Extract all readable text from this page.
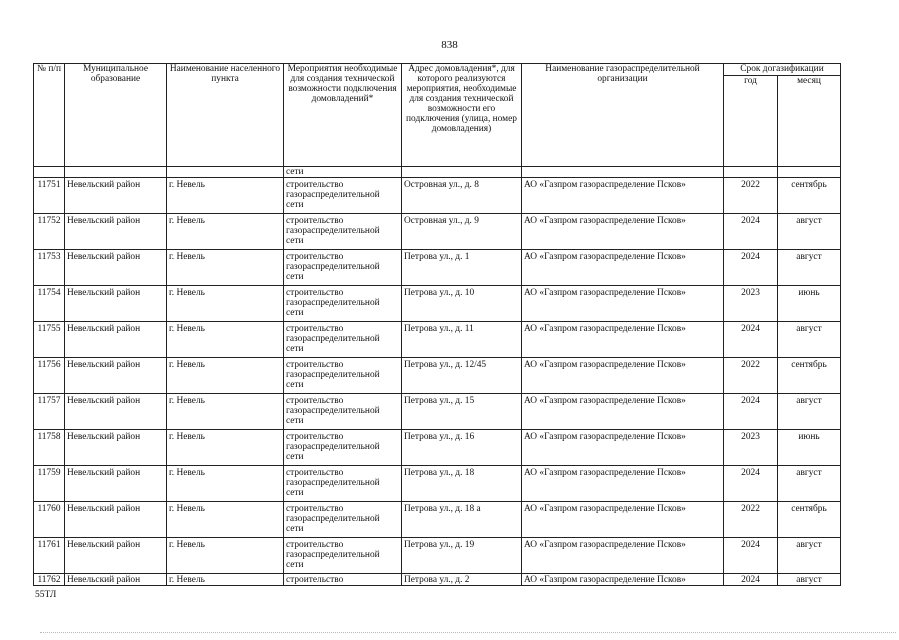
838
№ п/п	Муниципальное образование	Наименование населенного пункта	Мероприятия необходимые для создания технической возможности подключения домовладений*	Адрес домовладения*, для которого реализуются мероприятия, необходимые для создания технической возможности его подключения (улица, номер домовладения)	Наименование газораспределительной организации	Срок догазификации	
						год	месяц
			сети				
11751	Невельский район	г. Невель	строительство газораспределительной сети	Островная ул., д. 8	АО «Газпром газораспределение Псков»	2022	сентябрь
11752	Невельский район	г. Невель	строительство газораспределительной сети	Островная ул., д. 9	АО «Газпром газораспределение Псков»	2024	август
11753	Невельский район	г. Невель	строительство газораспределительной сети	Петрова ул., д. 1	АО «Газпром газораспределение Псков»	2024	август
11754	Невельский район	г. Невель	строительство газораспределительной сети	Петрова ул., д. 10	АО «Газпром газораспределение Псков»	2023	июнь
11755	Невельский район	г. Невель	строительство газораспределительной сети	Петрова ул., д. 11	АО «Газпром газораспределение Псков»	2024	август
11756	Невельский район	г. Невель	строительство газораспределительной сети	Петрова ул., д. 12/45	АО «Газпром газораспределение Псков»	2022	сентябрь
11757	Невельский район	г. Невель	строительство газораспределительной сети	Петрова ул., д. 15	АО «Газпром газораспределение Псков»	2024	август
11758	Невельский район	г. Невель	строительство газораспределительной сети	Петрова ул., д. 16	АО «Газпром газораспределение Псков»	2023	июнь
11759	Невельский район	г. Невель	строительство газораспределительной сети	Петрова ул., д. 18	АО «Газпром газораспределение Псков»	2024	август
11760	Невельский район	г. Невель	строительство газораспределительной сети	Петрова ул., д. 18 а	АО «Газпром газораспределение Псков»	2022	сентябрь
11761	Невельский район	г. Невель	строительство газораспределительной сети	Петрова ул., д. 19	АО «Газпром газораспределение Псков»	2024	август
11762	Невельский район	г. Невель	строительство	Петрова ул., д. 2	АО «Газпром газораспределение Псков»	2024	август
55ТЛ
